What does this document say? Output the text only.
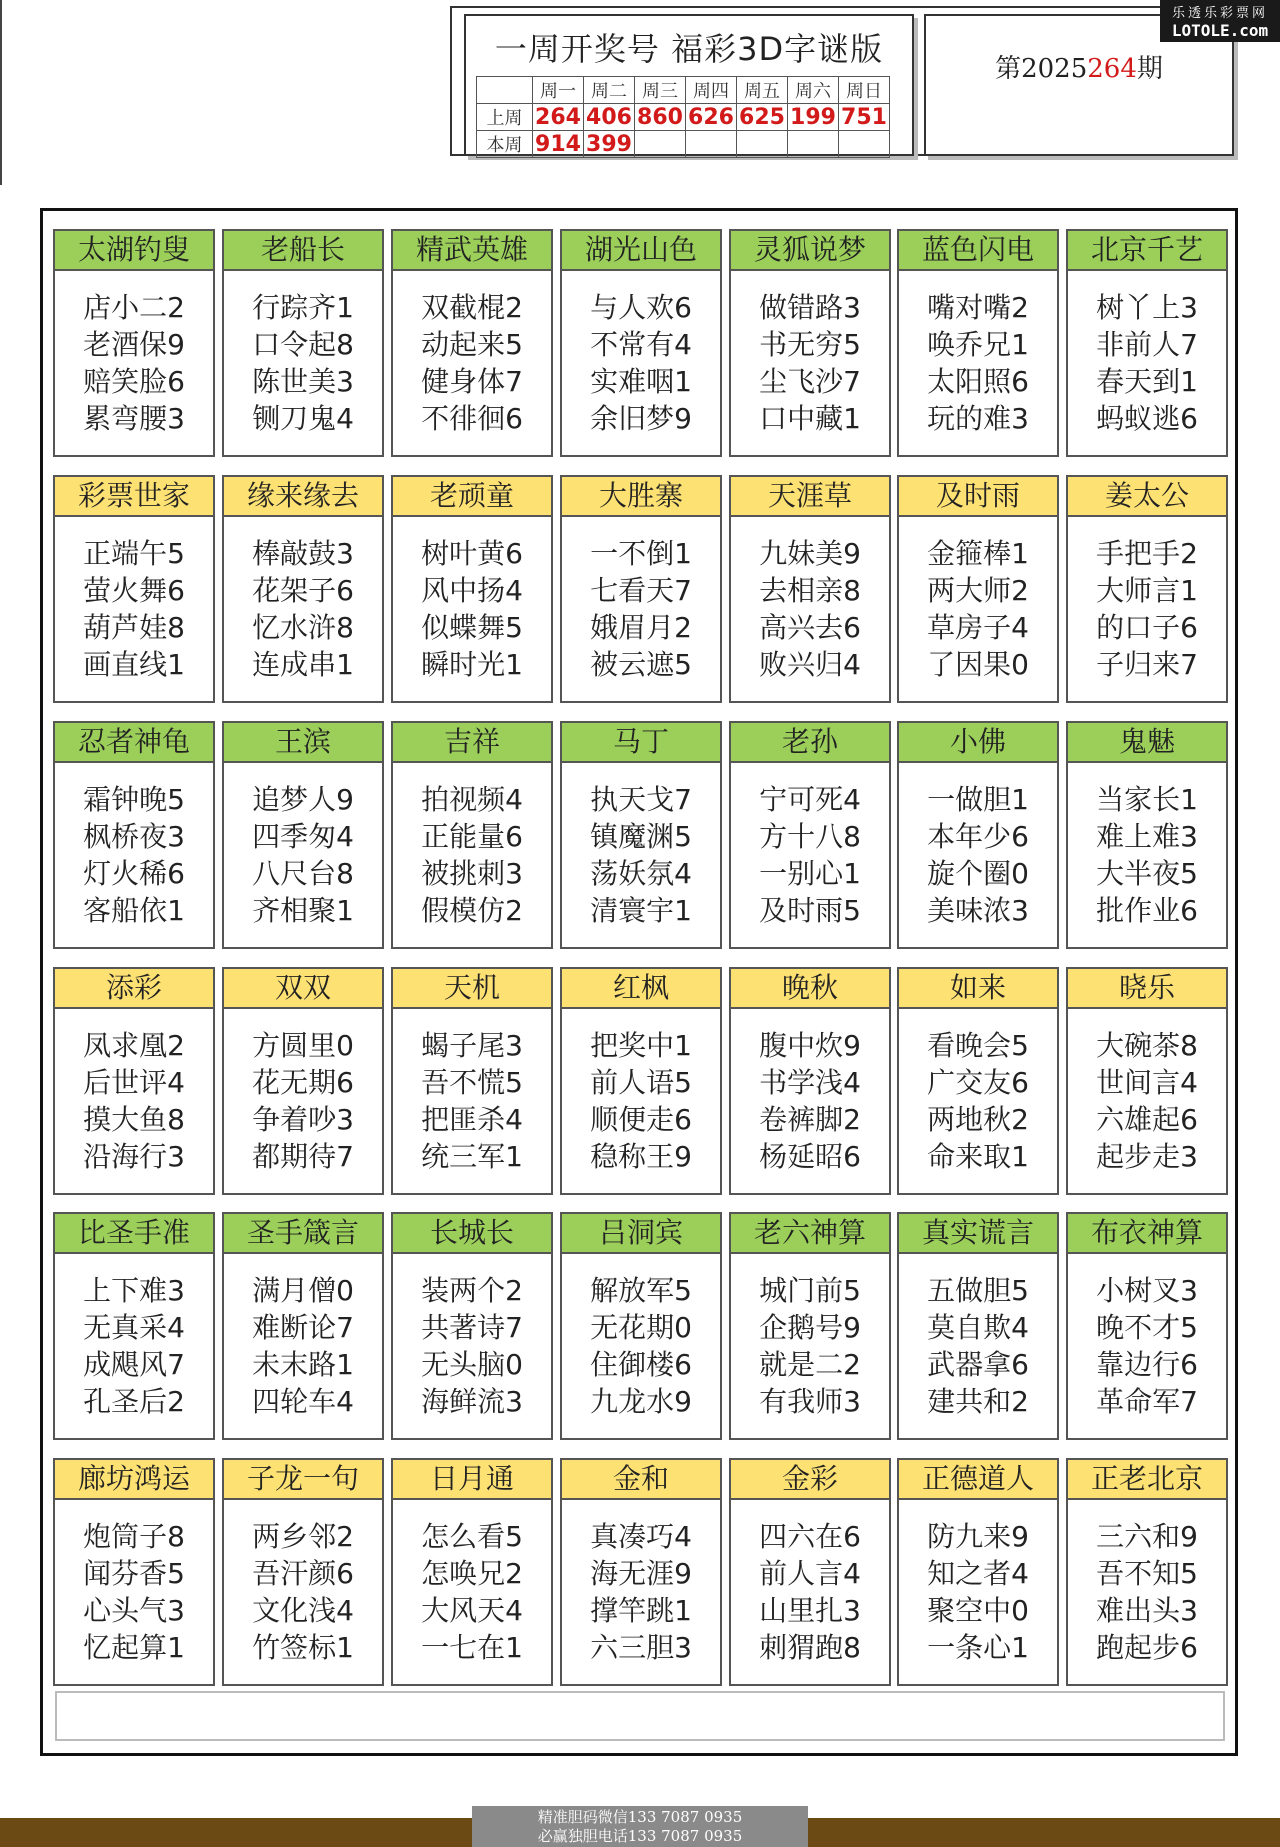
一周开奖号 福彩3D字谜版
	周一	周二	周三	周四	周五	周六	周日
上周	264	406	860	626	625	199	751
本周	914	399					
第2025264期
乐透乐彩票网
LOTOLE.com
太湖钓叟
店小二2
老酒保9
赔笑脸6
累弯腰3
老船长
行踪齐1
口令起8
陈世美3
铡刀鬼4
精武英雄
双截棍2
动起来5
健身体7
不徘徊6
湖光山色
与人欢6
不常有4
实难咽1
余旧梦9
灵狐说梦
做错路3
书无穷5
尘飞沙7
口中藏1
蓝色闪电
嘴对嘴2
唤乔兄1
太阳照6
玩的难3
北京千艺
树丫上3
非前人7
春天到1
蚂蚁逃6
彩票世家
正端午5
萤火舞6
葫芦娃8
画直线1
缘来缘去
棒敲鼓3
花架子6
忆水浒8
连成串1
老顽童
树叶黄6
风中扬4
似蝶舞5
瞬时光1
大胜寨
一不倒1
七看天7
娥眉月2
被云遮5
天涯草
九妹美9
去相亲8
高兴去6
败兴归4
及时雨
金箍棒1
两大师2
草房子4
了因果0
姜太公
手把手2
大师言1
的口子6
子归来7
忍者神龟
霜钟晚5
枫桥夜3
灯火稀6
客船依1
王滨
追梦人9
四季匆4
八尺台8
齐相聚1
吉祥
拍视频4
正能量6
被挑刺3
假模仿2
马丁
执天戈7
镇魔渊5
荡妖氛4
清寰宇1
老孙
宁可死4
方十八8
一别心1
及时雨5
小佛
一做胆1
本年少6
旋个圈0
美味浓3
鬼魅
当家长1
难上难3
大半夜5
批作业6
添彩
凤求凰2
后世评4
摸大鱼8
沿海行3
双双
方圆里0
花无期6
争着吵3
都期待7
天机
蝎子尾3
吾不慌5
把匪杀4
统三军1
红枫
把奖中1
前人语5
顺便走6
稳称王9
晚秋
腹中炊9
书学浅4
卷裤脚2
杨延昭6
如来
看晚会5
广交友6
两地秋2
命来取1
晓乐
大碗茶8
世间言4
六雄起6
起步走3
比圣手准
上下难3
无真采4
成飓风7
孔圣后2
圣手箴言
满月僧0
难断论7
未末路1
四轮车4
长城长
装两个2
共著诗7
无头脑0
海鲜流3
吕洞宾
解放军5
无花期0
住御楼6
九龙水9
老六神算
城门前5
企鹅号9
就是二2
有我师3
真实谎言
五做胆5
莫自欺4
武器拿6
建共和2
布衣神算
小树叉3
晚不才5
靠边行6
革命军7
廊坊鸿运
炮筒子8
闻芬香5
心头气3
忆起算1
子龙一句
两乡邻2
吾汗颜6
文化浅4
竹签标1
日月通
怎么看5
怎唤兄2
大风天4
一七在1
金和
真凑巧4
海无涯9
撑竿跳1
六三胆3
金彩
四六在6
前人言4
山里扎3
刺猬跑8
正德道人
防九来9
知之者4
聚空中0
一条心1
正老北京
三六和9
吾不知5
难出头3
跑起步6
精准胆码微信133 7087 0935
必赢独胆电话133 7087 0935
